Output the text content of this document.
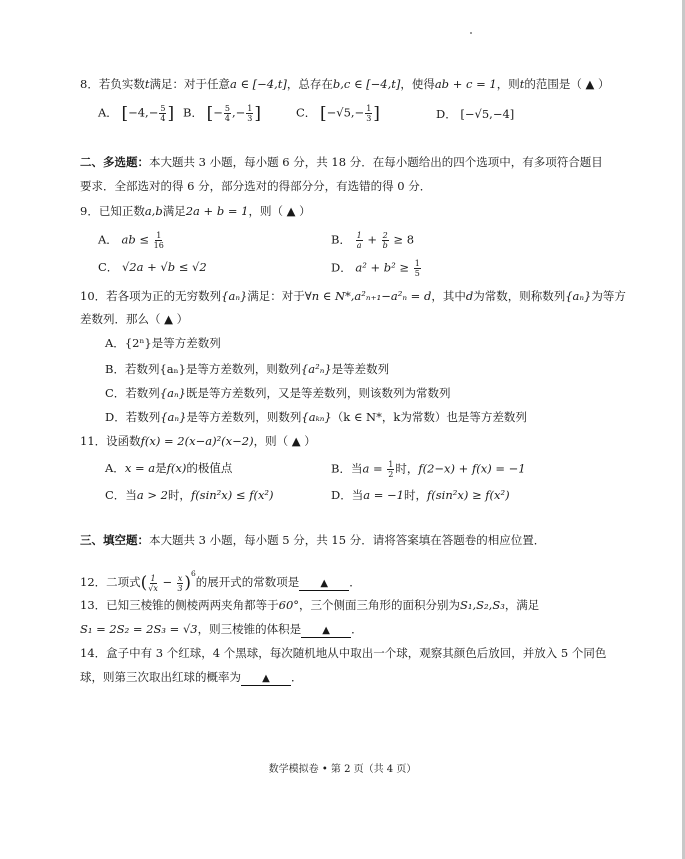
8．若负实数t满足：对于任意a ∈ [−4,t]，总存在b,c ∈ [−4,t]，使得ab + c = 1，则t的范围是（ ▲ ）
A． [$-4,- \frac{5}{4}$ ] B． [− $\frac{5}{4}$ ,− $\frac{1}{3}$ ]	C． [$-√5,- \frac{1}{3}$ ]	D． [−√5,−4]
二、多选题：本大题共 3 小题，每小题 6 分，共 18 分．在每小题给出的四个选项中，有多项符合题目
要求．全部选对的得 6 分，部分选对的得部分分，有选错的得 0 分．
9．已知正数a,b满足2a + b = 1，则（ ▲ ）
A． ab ≤ $\frac{1}{16}$	B． $\frac{1}{a} + \frac{2}{b} \ge 8$
C． √2a + √b ≤ √2	D． $a^2 + b^2 \ge \frac{1}{5}$
10．若各项为正的无穷数列{aₙ}满足：对于∀n ∈ N*,a²ₙ₊₁−a²ₙ = d，其中d为常数，则称数列{aₙ}为等方
差数列．那么（ ▲ ）
A．{2ⁿ}是等方差数列
B．若数列{aₙ}是等方差数列，则数列{a²ₙ}是等差数列
C．若数列{aₙ}既是等方差数列，又是等差数列，则该数列为常数列
D．若数列{aₙ}是等方差数列，则数列{aₖₙ}（k ∈ N*，k为常数）也是等方差数列
11．设函数f(x) = 2(x−a)²(x−2)，则（ ▲ ）
A．x = a是f(x)的极值点	B．当$a = \frac{1}{2}$ 时，f(2−x) + f(x) = −1
C．当a > 2时，f(sin²x) ≤ f(x²)	D．当a = −1时，f(sin²x) ≥ f(x²)
三、填空题：本大题共 3 小题，每小题 5 分，共 15 分．请将答案填在答题卷的相应位置．
12．二项式( $\frac{1}{√x} - \frac{x}{3} )^6$的展开式的常数项是 ▲ ．
13．已知三棱锥的侧棱两两夹角都等于60°，三个侧面三角形的面积分别为S₁,S₂,S₃，满足
S₁ = 2S₂ = 2S₃ = √3，则三棱锥的体积是 ▲ ．
14．盒子中有 3 个红球，4 个黑球，每次随机地从中取出一个球，观察其颜色后放回，并放入 5 个同色
球，则第三次取出红球的概率为 ▲ ．
数学模拟卷 • 第 2 页（共 4 页）
